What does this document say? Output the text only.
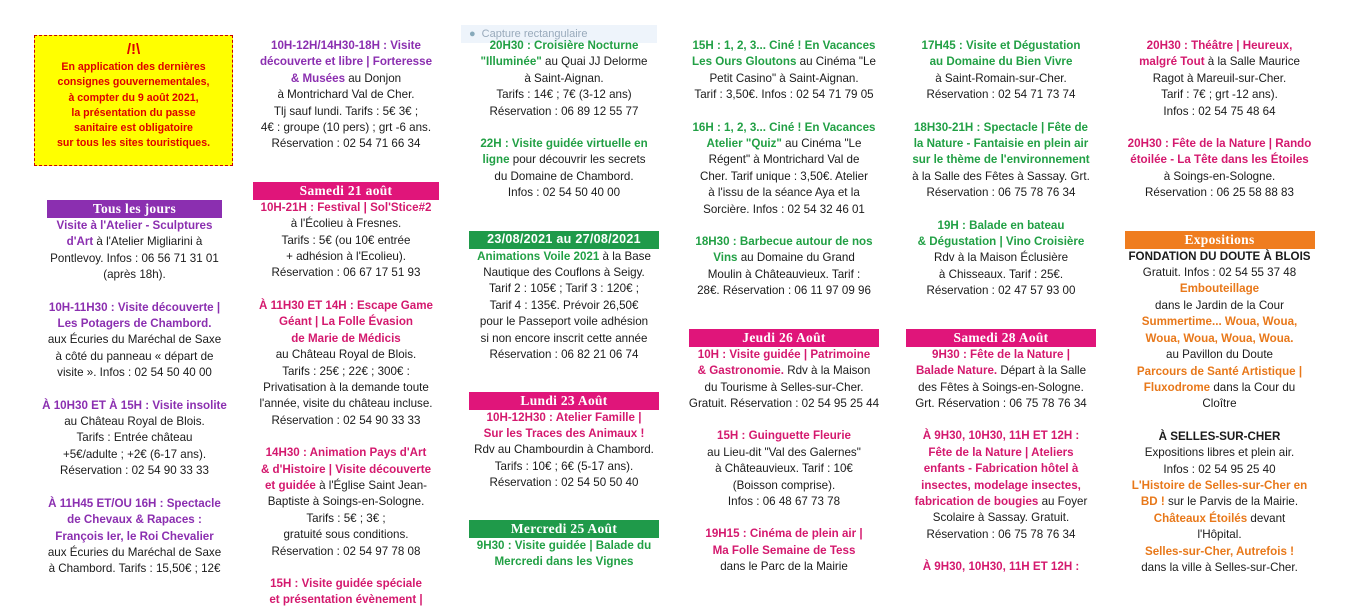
/!\
En application des dernières
consignes gouvernementales,
à compter du 9 août 2021,
la présentation du passe
sanitaire est obligatoire
sur tous les sites touristiques.
● Capture rectangulaire
Tous les jours
Visite à l'Atelier - Sculptures
d'Art à l'Atelier Migliarini à
Pontlevoy. Infos : 06 56 71 31 01
(après 18h).
10H-11H30 : Visite découverte |
Les Potagers de Chambord.
aux Écuries du Maréchal de Saxe
à côté du panneau « départ de
visite ». Infos : 02 54 50 40 00
À 10H30 ET À 15H : Visite insolite
au Château Royal de Blois.
Tarifs : Entrée château
+5€/adulte ; +2€ (6-17 ans).
Réservation : 02 54 90 33 33
À 11H45 ET/OU 16H : Spectacle
de Chevaux & Rapaces :
François Ier, le Roi Chevalier
aux Écuries du Maréchal de Saxe
à Chambord. Tarifs : 15,50€ ; 12€
10H-12H/14H30-18H : Visite
découverte et libre | Forteresse
& Musées au Donjon
à Montrichard Val de Cher.
Tlj sauf lundi. Tarifs : 5€ 3€ ;
4€ : groupe (10 pers) ; grt -6 ans.
Réservation : 02 54 71 66 34
Samedi 21 août
10H-21H : Festival | Sol'Stice#2
à l'Écolieu à Fresnes.
Tarifs : 5€ (ou 10€ entrée
+ adhésion à l'Ecolieu).
Réservation : 06 67 17 51 93
À 11H30 ET 14H : Escape Game
Géant | La Folle Évasion
de Marie de Médicis
au Château Royal de Blois.
Tarifs : 25€ ; 22€ ; 300€ :
Privatisation à la demande toute
l'année, visite du château incluse.
Réservation : 02 54 90 33 33
14H30 : Animation Pays d'Art
& d'Histoire | Visite découverte
et guidée à l'Église Saint Jean-
Baptiste à Soings-en-Sologne.
Tarifs : 5€ ; 3€ ;
gratuité sous conditions.
Réservation : 02 54 97 78 08
15H : Visite guidée spéciale
et présentation évènement |
20H30 : Croisière Nocturne
"Illuminée" au Quai JJ Delorme
à Saint-Aignan.
Tarifs : 14€ ; 7€ (3-12 ans)
Réservation : 06 89 12 55 77
22H : Visite guidée virtuelle en
ligne pour découvrir les secrets
du Domaine de Chambord.
Infos : 02 54 50 40 00
23/08/2021 au 27/08/2021
Animations Voile 2021 à la Base
Nautique des Couflons à Seigy.
Tarif 2 : 105€ ; Tarif 3 : 120€ ;
Tarif 4 : 135€. Prévoir 26,50€
pour le Passeport voile adhésion
si non encore inscrit cette année
Réservation : 06 82 21 06 74
Lundi 23 Août
10H-12H30 : Atelier Famille |
Sur les Traces des Animaux !
Rdv au Chambourdin à Chambord.
Tarifs : 10€ ; 6€ (5-17 ans).
Réservation : 02 54 50 50 40
Mercredi 25 Août
9H30 : Visite guidée | Balade du
Mercredi dans les Vignes
15H : 1, 2, 3... Ciné ! En Vacances
Les Ours Gloutons au Cinéma "Le
Petit Casino" à Saint-Aignan.
Tarif : 3,50€. Infos : 02 54 71 79 05
16H : 1, 2, 3... Ciné ! En Vacances
Atelier "Quiz" au Cinéma "Le
Régent" à Montrichard Val de
Cher. Tarif unique : 3,50€. Atelier
à l'issu de la séance Aya et la
Sorcière. Infos : 02 54 32 46 01
18H30 : Barbecue autour de nos
Vins au Domaine du Grand
Moulin à Châteauvieux. Tarif :
28€. Réservation : 06 11 97 09 96
Jeudi 26 Août
10H : Visite guidée | Patrimoine
& Gastronomie. Rdv à la Maison
du Tourisme à Selles-sur-Cher.
Gratuit. Réservation : 02 54 95 25 44
15H : Guinguette Fleurie
au Lieu-dit "Val des Galernes"
à Châteauvieux. Tarif : 10€
(Boisson comprise).
Infos : 06 48 67 73 78
19H15 : Cinéma de plein air |
Ma Folle Semaine de Tess
dans le Parc de la Mairie
17H45 : Visite et Dégustation
au Domaine du Bien Vivre
à Saint-Romain-sur-Cher.
Réservation : 02 54 71 73 74
18H30-21H : Spectacle | Fête de
la Nature - Fantaisie en plein air
sur le thème de l'environnement
à la Salle des Fêtes à Sassay. Grt.
Réservation : 06 75 78 76 34
19H : Balade en bateau
& Dégustation | Vino Croisière
Rdv à la Maison Éclusière
à Chisseaux. Tarif : 25€.
Réservation : 02 47 57 93 00
Samedi 28 Août
9H30 : Fête de la Nature |
Balade Nature. Départ à la Salle
des Fêtes à Soings-en-Sologne.
Grt. Réservation : 06 75 78 76 34
À 9H30, 10H30, 11H ET 12H :
Fête de la Nature | Ateliers
enfants - Fabrication hôtel à
insectes, modelage insectes,
fabrication de bougies au Foyer
Scolaire à Sassay. Gratuit.
Réservation : 06 75 78 76 34
À 9H30, 10H30, 11H ET 12H :
20H30 : Théâtre | Heureux,
malgré Tout à la Salle Maurice
Ragot à Mareuil-sur-Cher.
Tarif : 7€ ; grt -12 ans).
Infos : 02 54 75 48 64
20H30 : Fête de la Nature | Rando
étoilée - La Tête dans les Étoiles
à Soings-en-Sologne.
Réservation : 06 25 58 88 83
Expositions
FONDATION DU DOUTE À BLOIS
Gratuit. Infos : 02 54 55 37 48
Embouteillage
dans le Jardin de la Cour
Summertime... Woua, Woua,
Woua, Woua, Woua, Woua.
au Pavillon du Doute
Parcours de Santé Artistique |
Fluxodrome dans la Cour du
Cloître
À SELLES-SUR-CHER
Expositions libres et plein air.
Infos : 02 54 95 25 40
L'Histoire de Selles-sur-Cher en
BD ! sur le Parvis de la Mairie.
Châteaux Étoilés devant
l'Hôpital.
Selles-sur-Cher, Autrefois !
dans la ville à Selles-sur-Cher.
